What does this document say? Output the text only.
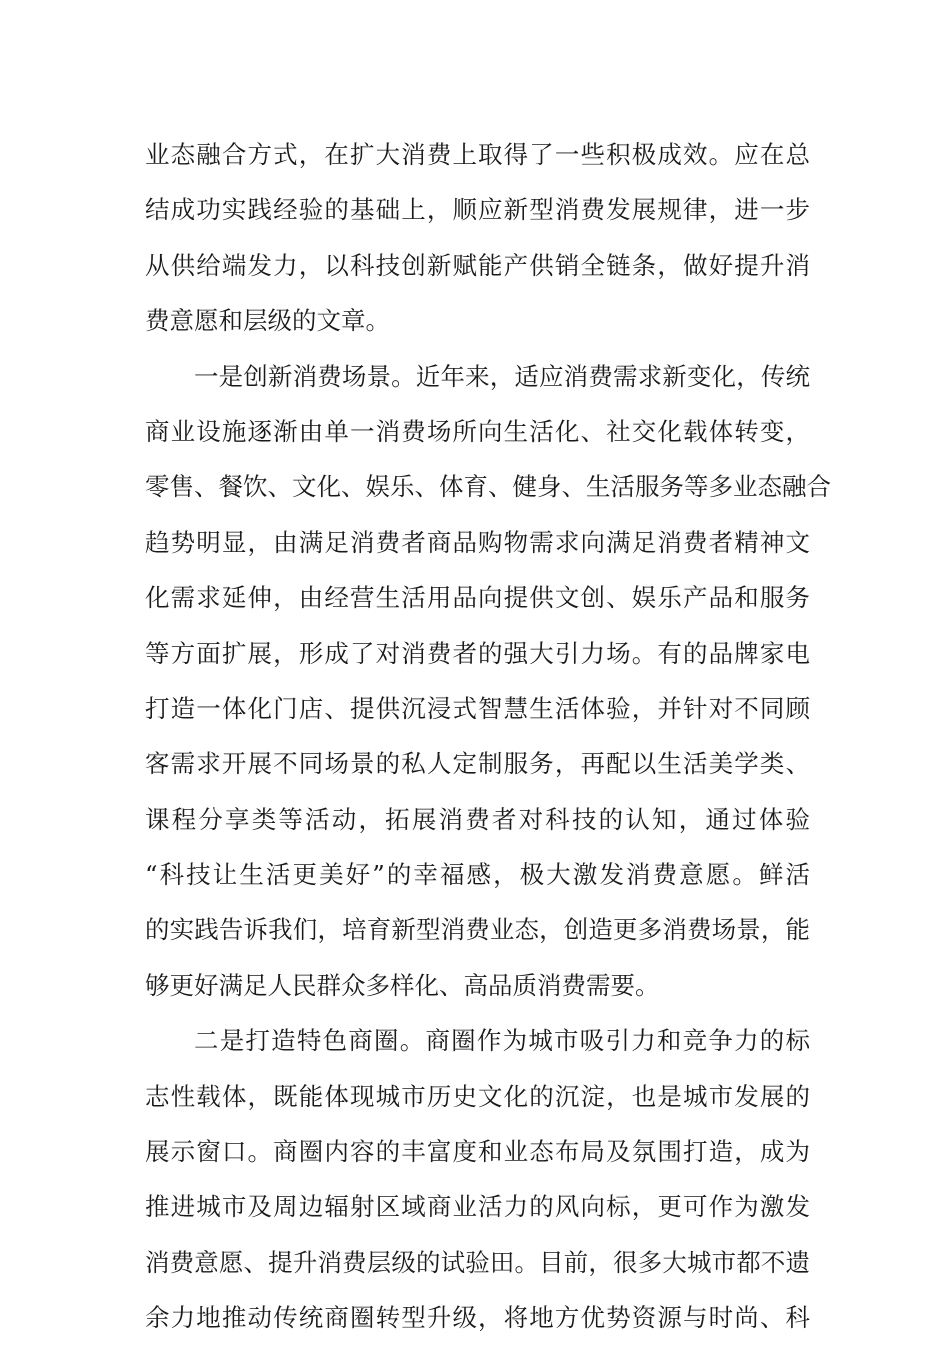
业态融合方式，在扩大消费上取得了一些积极成效。应在总
结成功实践经验的基础上，顺应新型消费发展规律，进一步
从供给端发力，以科技创新赋能产供销全链条，做好提升消
费意愿和层级的文章。
一是创新消费场景。近年来，适应消费需求新变化，传统
商业设施逐渐由单一消费场所向生活化、社交化载体转变，
零售、餐饮、文化、娱乐、体育、健身、生活服务等多业态融合
趋势明显，由满足消费者商品购物需求向满足消费者精神文
化需求延伸，由经营生活用品向提供文创、娱乐产品和服务
等方面扩展，形成了对消费者的强大引力场。有的品牌家电
打造一体化门店、提供沉浸式智慧生活体验，并针对不同顾
客需求开展不同场景的私人定制服务，再配以生活美学类、
课程分享类等活动，拓展消费者对科技的认知，通过体验
“科技让生活更美好”的幸福感，极大激发消费意愿。鲜活
的实践告诉我们，培育新型消费业态，创造更多消费场景，能
够更好满足人民群众多样化、高品质消费需要。
二是打造特色商圈。商圈作为城市吸引力和竞争力的标
志性载体，既能体现城市历史文化的沉淀，也是城市发展的
展示窗口。商圈内容的丰富度和业态布局及氛围打造，成为
推进城市及周边辐射区域商业活力的风向标，更可作为激发
消费意愿、提升消费层级的试验田。目前，很多大城市都不遗
余力地推动传统商圈转型升级，将地方优势资源与时尚、科
